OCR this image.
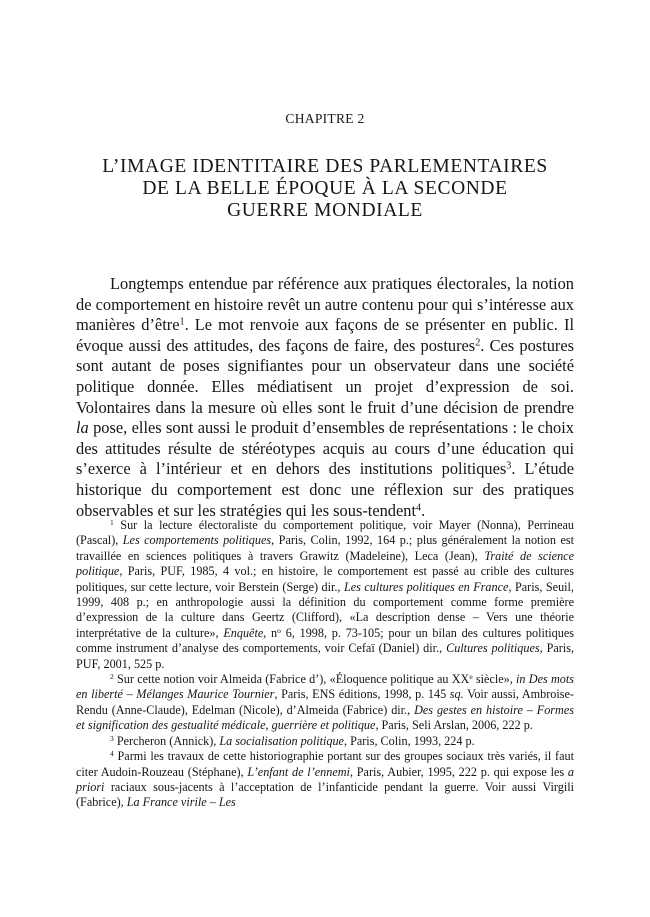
CHAPITRE 2
L’IMAGE IDENTITAIRE DES PARLEMENTAIRES
DE LA BELLE ÉPOQUE À LA SECONDE
GUERRE MONDIALE
Longtemps entendue par référence aux pratiques électorales, la notion de comportement en histoire revêt un autre contenu pour qui s’intéresse aux manières d’être$^1$. Le mot renvoie aux façons de se présenter en public. Il évoque aussi des attitudes, des façons de faire, des postures$^2$. Ces postures sont autant de poses signifiantes pour un observateur dans une société politique donnée. Elles médiatisent un projet d’expression de soi. Volontaires dans la mesure où elles sont le fruit d’une décision de prendre la pose, elles sont aussi le produit d’ensembles de représentations : le choix des attitudes résulte de stéréotypes acquis au cours d’une éducation qui s’exerce à l’intérieur et en dehors des institutions politiques$^3$. L’étude historique du comportement est donc une réflexion sur des pratiques observables et sur les stratégies qui les sous-tendent$^4$.

$^1$ Sur la lecture électoraliste du comportement politique, voir Mayer (Nonna), Perrineau (Pascal), Les comportements politiques, Paris, Colin, 1992, 164 p.; plus généralement la notion est travaillée en sciences politiques à travers Grawitz (Madeleine), Leca (Jean), Traité de science politique, Paris, PUF, 1985, 4 vol.; en histoire, le comportement est passé au crible des cultures politiques, sur cette lecture, voir Berstein (Serge) dir., Les cultures politiques en France, Paris, Seuil, 1999, 408 p.; en anthropologie aussi la définition du comportement comme forme première d’expression de la culture dans Geertz (Clifford), «La description dense – Vers une théorie interprétative de la culture», Enquête, $n^o$ 6, 1998, p. 73-105; pour un bilan des cultures politiques comme instrument d’analyse des comportements, voir Cefaï (Daniel) dir., Cultures politiques, Paris, PUF, 2001, 525 p.

$^2$ Sur cette notion voir Almeida (Fabrice d’), «Éloquence politique au XXe siècle», in Des mots en liberté – Mélanges Maurice Tournier, Paris, ENS éditions, 1998, p. 145 sq. Voir aussi, Ambroise-Rendu (Anne-Claude), Edelman (Nicole), d’Almeida (Fabrice) dir., Des gestes en histoire – Formes et signification des gestualité médicale, guerrière et politique, Paris, Seli Arslan, 2006, 222 p.

$^3$ Percheron (Annick), La socialisation politique, Paris, Colin, 1993, 224 p.

$^4$ Parmi les travaux de cette historiographie portant sur des groupes sociaux très variés, il faut citer Audoin-Rouzeau (Stéphane), L’enfant de l’ennemi, Paris, Aubier, 1995, 222 p. qui expose les a priori raciaux sous-jacents à l’acceptation de l’infanticide pendant la guerre. Voir aussi Virgili (Fabrice), La France virile – Les
